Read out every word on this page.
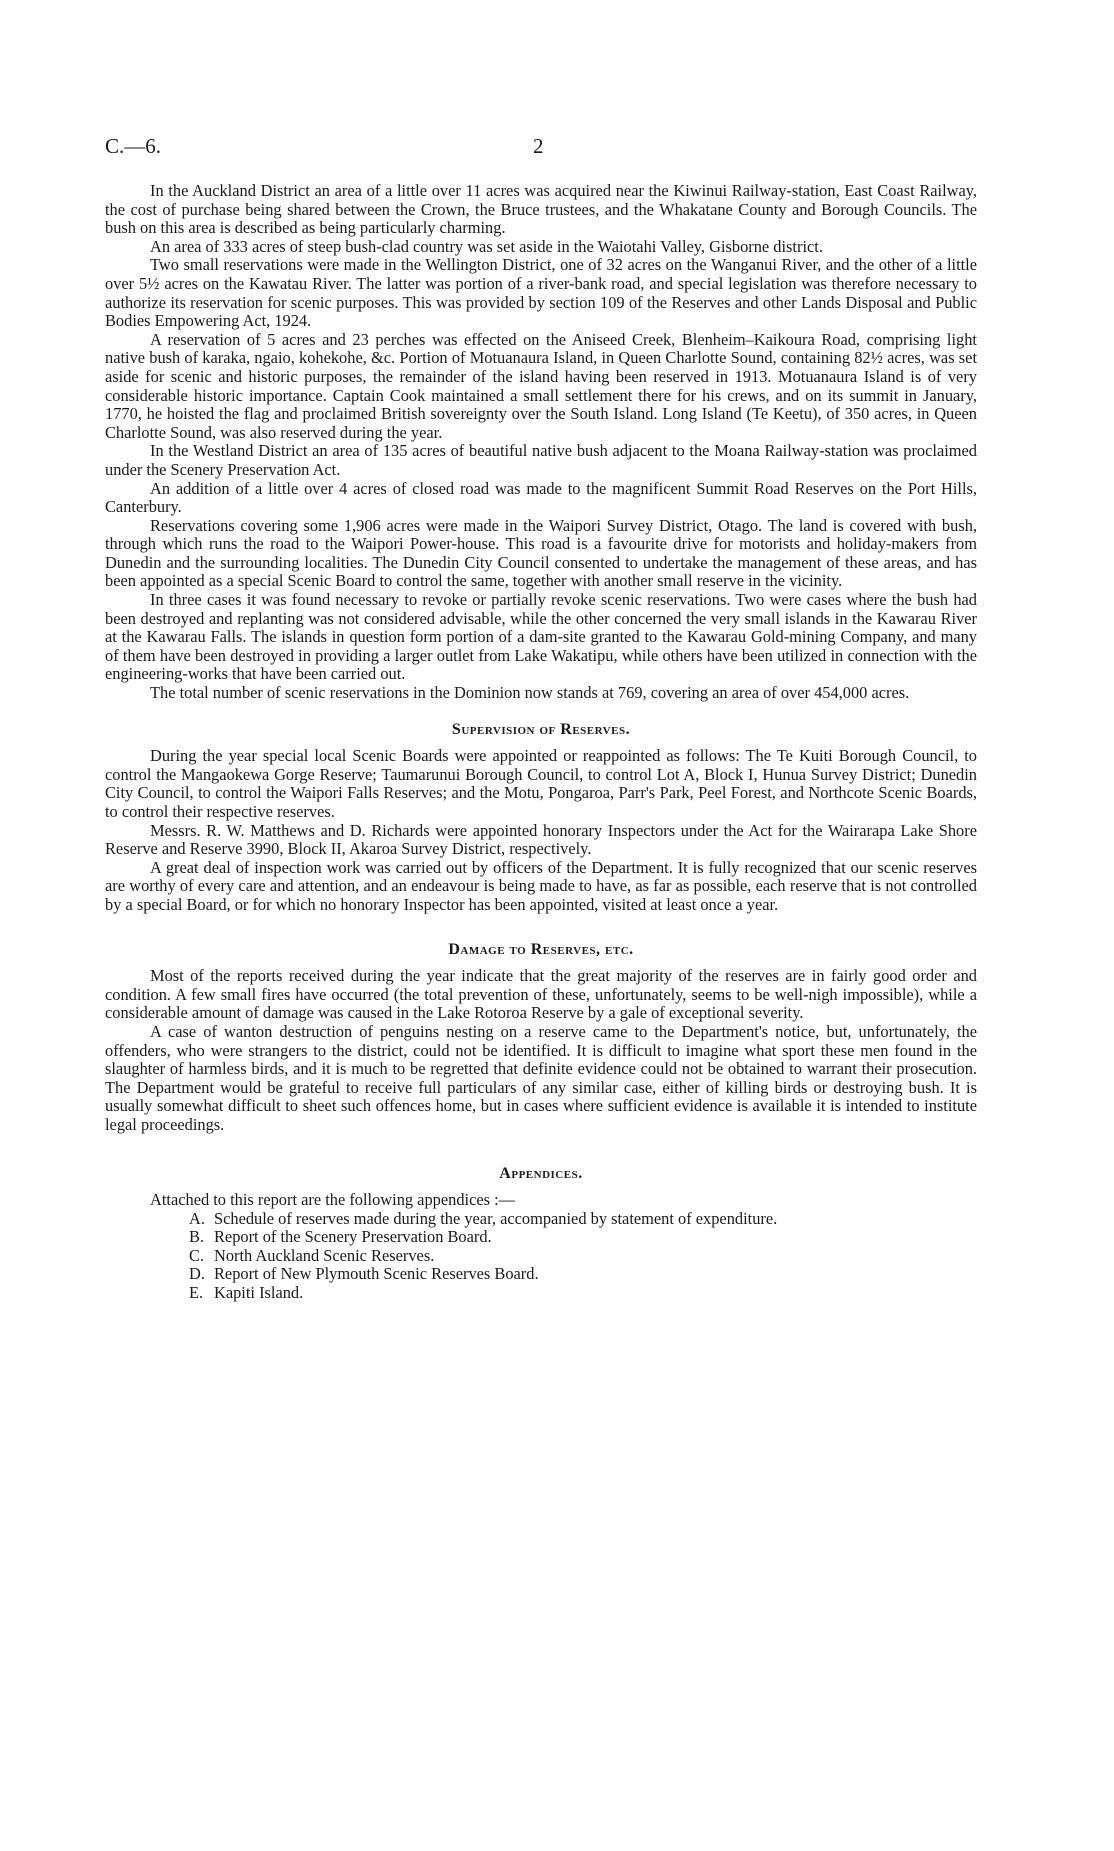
C.—6.	2

In the Auckland District an area of a little over 11 acres was acquired near the Kiwinui Railway-station, East Coast Railway, the cost of purchase being shared between the Crown, the Bruce trustees, and the Whakatane County and Borough Councils. The bush on this area is described as being particularly charming.

An area of 333 acres of steep bush-clad country was set aside in the Waiotahi Valley, Gisborne district.

Two small reservations were made in the Wellington District, one of 32 acres on the Wanganui River, and the other of a little over 5½ acres on the Kawatau River. The latter was portion of a river-bank road, and special legislation was therefore necessary to authorize its reservation for scenic purposes. This was provided by section 109 of the Reserves and other Lands Disposal and Public Bodies Empowering Act, 1924.

A reservation of 5 acres and 23 perches was effected on the Aniseed Creek, Blenheim–Kaikoura Road, comprising light native bush of karaka, ngaio, kohekohe, &c. Portion of Motuanaura Island, in Queen Charlotte Sound, containing 82½ acres, was set aside for scenic and historic purposes, the remainder of the island having been reserved in 1913. Motuanaura Island is of very considerable historic importance. Captain Cook maintained a small settlement there for his crews, and on its summit in January, 1770, he hoisted the flag and proclaimed British sovereignty over the South Island. Long Island (Te Keetu), of 350 acres, in Queen Charlotte Sound, was also reserved during the year.

In the Westland District an area of 135 acres of beautiful native bush adjacent to the Moana Railway-station was proclaimed under the Scenery Preservation Act.

An addition of a little over 4 acres of closed road was made to the magnificent Summit Road Reserves on the Port Hills, Canterbury.

Reservations covering some 1,906 acres were made in the Waipori Survey District, Otago. The land is covered with bush, through which runs the road to the Waipori Power-house. This road is a favourite drive for motorists and holiday-makers from Dunedin and the surrounding localities. The Dunedin City Council consented to undertake the management of these areas, and has been appointed as a special Scenic Board to control the same, together with another small reserve in the vicinity.

In three cases it was found necessary to revoke or partially revoke scenic reservations. Two were cases where the bush had been destroyed and replanting was not considered advisable, while the other concerned the very small islands in the Kawarau River at the Kawarau Falls. The islands in question form portion of a dam-site granted to the Kawarau Gold-mining Company, and many of them have been destroyed in providing a larger outlet from Lake Wakatipu, while others have been utilized in connection with the engineering-works that have been carried out.

The total number of scenic reservations in the Dominion now stands at 769, covering an area of over 454,000 acres.

Supervision of Reserves.

During the year special local Scenic Boards were appointed or reappointed as follows: The Te Kuiti Borough Council, to control the Mangaokewa Gorge Reserve; Taumarunui Borough Council, to control Lot A, Block I, Hunua Survey District; Dunedin City Council, to control the Waipori Falls Reserves; and the Motu, Pongaroa, Parr's Park, Peel Forest, and Northcote Scenic Boards, to control their respective reserves.

Messrs. R. W. Matthews and D. Richards were appointed honorary Inspectors under the Act for the Wairarapa Lake Shore Reserve and Reserve 3990, Block II, Akaroa Survey District, respectively.

A great deal of inspection work was carried out by officers of the Department. It is fully recognized that our scenic reserves are worthy of every care and attention, and an endeavour is being made to have, as far as possible, each reserve that is not controlled by a special Board, or for which no honorary Inspector has been appointed, visited at least once a year.

Damage to Reserves, etc.

Most of the reports received during the year indicate that the great majority of the reserves are in fairly good order and condition. A few small fires have occurred (the total prevention of these, unfortunately, seems to be well-nigh impossible), while a considerable amount of damage was caused in the Lake Rotoroa Reserve by a gale of exceptional severity.

A case of wanton destruction of penguins nesting on a reserve came to the Department's notice, but, unfortunately, the offenders, who were strangers to the district, could not be identified. It is difficult to imagine what sport these men found in the slaughter of harmless birds, and it is much to be regretted that definite evidence could not be obtained to warrant their prosecution. The Department would be grateful to receive full particulars of any similar case, either of killing birds or destroying bush. It is usually somewhat difficult to sheet such offences home, but in cases where sufficient evidence is available it is intended to institute legal proceedings.

Appendices.

Attached to this report are the following appendices :—

A. Schedule of reserves made during the year, accompanied by statement of expenditure.
B. Report of the Scenery Preservation Board.
C. North Auckland Scenic Reserves.
D. Report of New Plymouth Scenic Reserves Board.
E. Kapiti Island.
